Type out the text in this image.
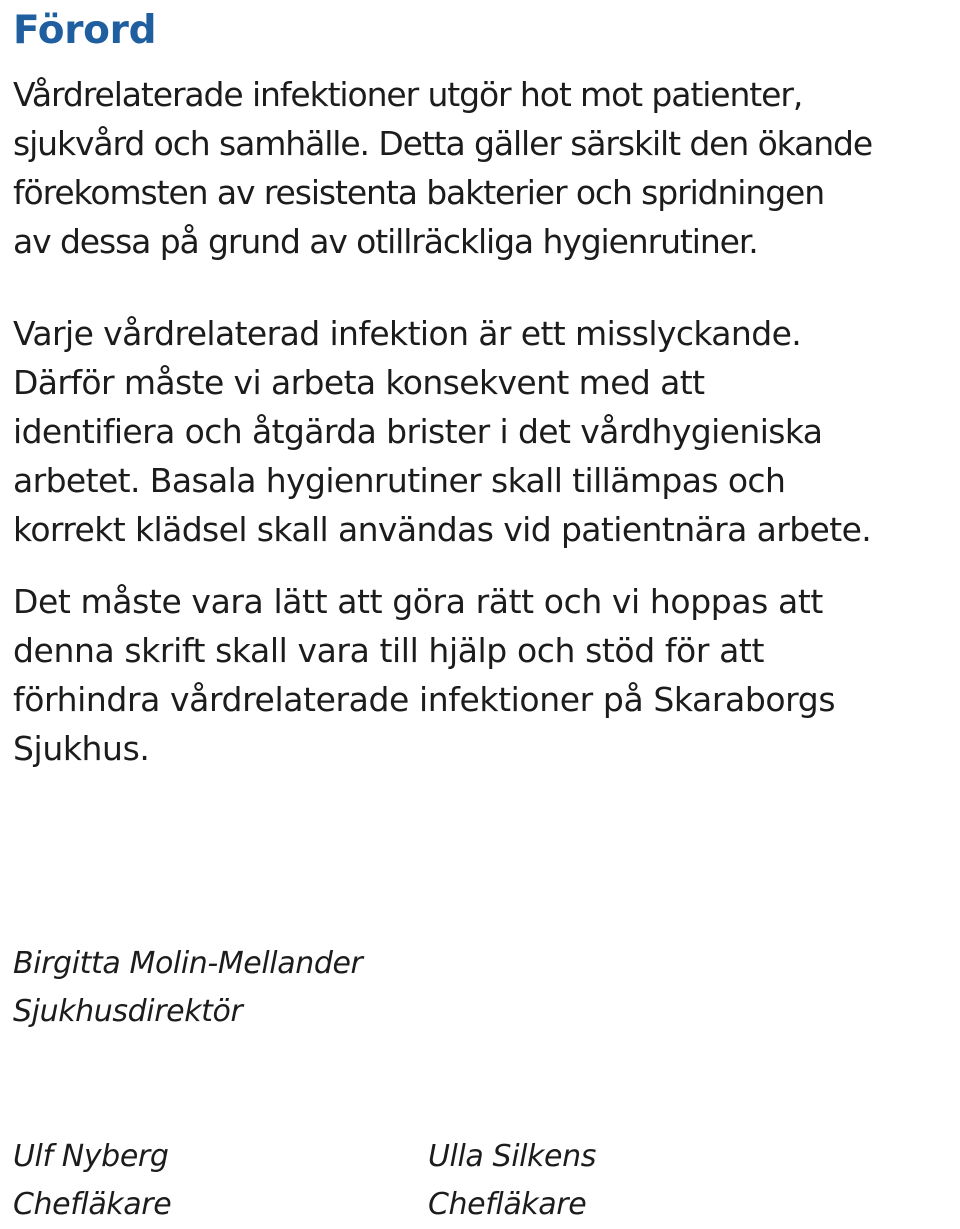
Förord

Vårdrelaterade infektioner utgör hot mot patienter,
sjukvård och samhälle. Detta gäller särskilt den ökande
förekomsten av resistenta bakterier och spridningen
av dessa på grund av otillräckliga hygienrutiner.

Varje vårdrelaterad infektion är ett misslyckande.
Därför måste vi arbeta konsekvent med att
identifiera och åtgärda brister i det vårdhygieniska
arbetet. Basala hygienrutiner skall tillämpas och
korrekt klädsel skall användas vid patientnära arbete.

Det måste vara lätt att göra rätt och vi hoppas att
denna skrift skall vara till hjälp och stöd för att
förhindra vårdrelaterade infektioner på Skaraborgs
Sjukhus.

Birgitta Molin-Mellander
Sjukhusdirektör
Ulf Nyberg
Chefläkare
Ulla Silkens
Chefläkare
